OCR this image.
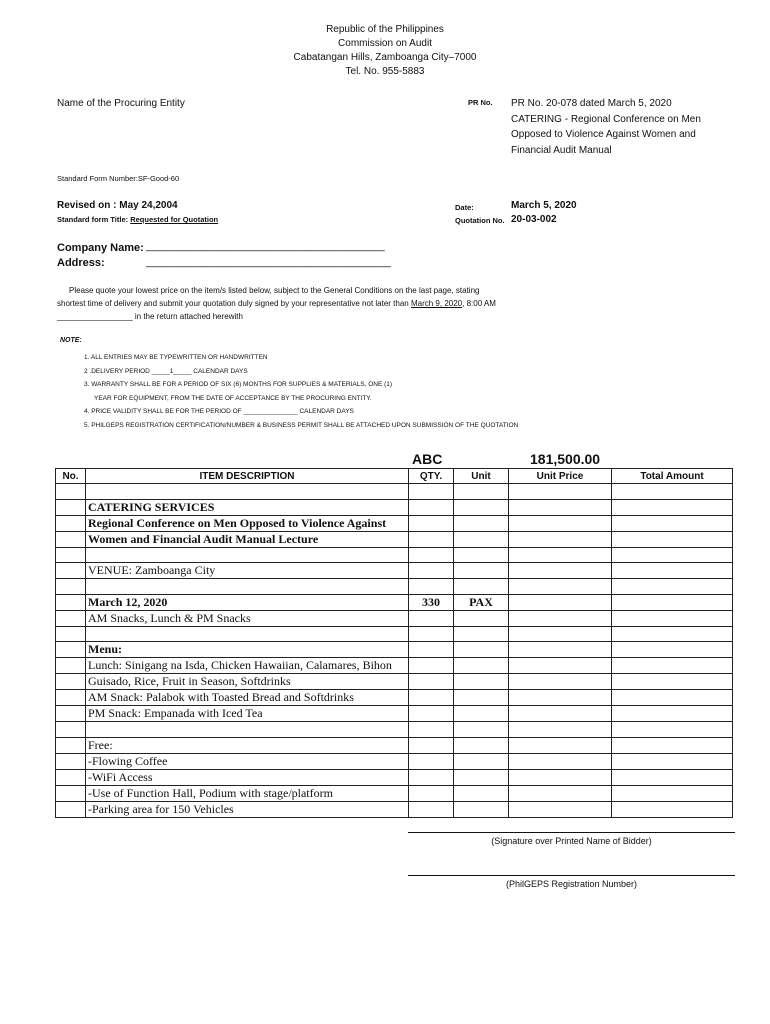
Republic of the Philippines
Commission on Audit
Cabatangan Hills, Zamboanga City–7000
Tel. No. 955-5883
Name of the Procuring Entity	PR No. PR No. 20-078 dated March 5, 2020
CATERING - Regional Conference on Men
Opposed to Violence Against Women and
Financial Audit Manual
Standard Form Number:SF-Good-60
Revised on : May 24,2004
Standard form Title: Requested for Quotation
Date:	March 5, 2020
Quotation No. 20-03-002
Company Name: _______________________________________
Address:	________________________________________
Please quote your lowest price on the item/s listed below, subject to the General Conditions on the last page, stating
shortest time of delivery and submit your quotation duly signed by your representative not later than March 9, 2020, 8:00 AM
_________________ in the return attached herewith
NOTE:
1. ALL ENTRIES MAY BE TYPEWRITTEN OR HANDWRITTEN
2 .DELIVERY PERIOD _____1_____ CALENDAR DAYS
3. WARRANTY SHALL BE FOR A PERIOD OF SIX (6) MONTHS FOR SUPPLIES & MATERIALS, ONE (1)
YEAR FOR EQUIPMENT, FROM THE DATE OF ACCEPTANCE BY THE PROCURING ENTITY.
4. PRICE VALIDITY SHALL BE FOR THE PERIOD OF _______________ CALENDAR DAYS
5. PHILGEPS REGISTRATION CERTIFICATION/NUMBER & BUSINESS PERMIT SHALL BE ATTACHED UPON SUBMISSION OF THE QUOTATION
ABC	181,500.00
No.	ITEM DESCRIPTION	QTY.	Unit	Unit Price	Total Amount

	CATERING SERVICES				
	Regional Conference on Men Opposed to Violence Against				
	Women and Financial Audit Manual Lecture				

	VENUE: Zamboanga City				

	March 12, 2020	330	PAX		
	AM Snacks, Lunch & PM Snacks				

	Menu:				
	Lunch: Sinigang na Isda, Chicken Hawaiian, Calamares, Bihon				
	Guisado, Rice, Fruit in Season, Softdrinks				
	AM Snack: Palabok with Toasted Bread and Softdrinks				
	PM Snack: Empanada with Iced Tea				

	Free:				
	-Flowing Coffee				
	-WiFi Access				
	-Use of Function Hall, Podium with stage/platform				
	-Parking area for 150 Vehicles				
(Signature over Printed Name of Bidder)
(PhilGEPS Registration Number)
